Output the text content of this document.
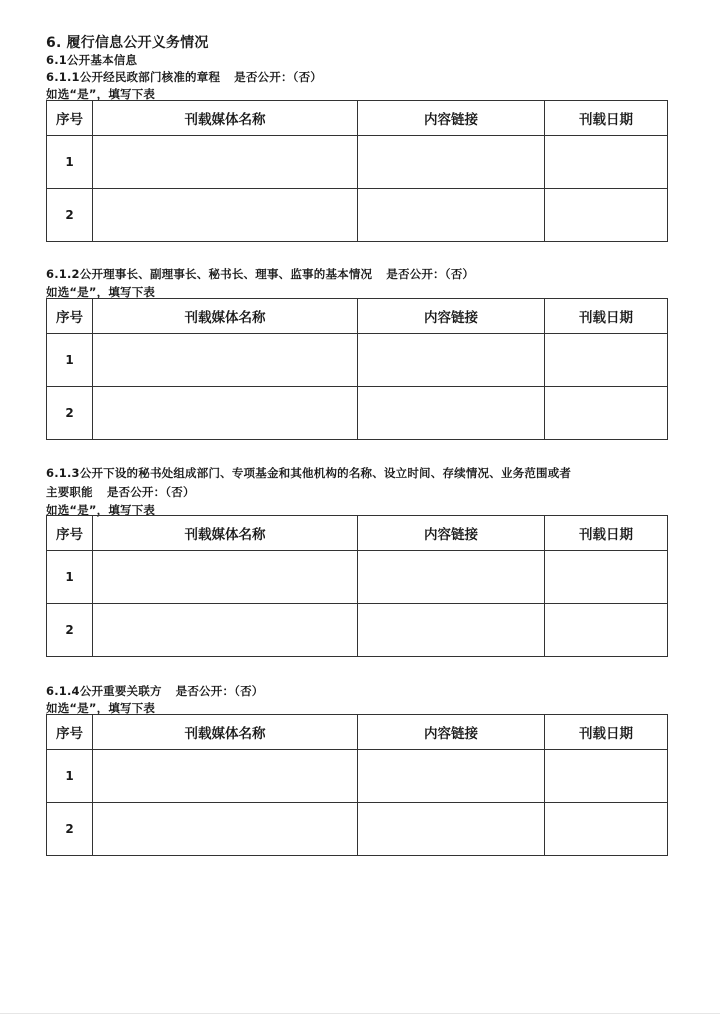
6. 履行信息公开义务情况
6.1公开基本信息
6.1.1公开经民政部门核准的章程 是否公开：（否）
如选“是”，填写下表
序号	刊载媒体名称	内容链接	刊载日期
1			
2			
6.1.2公开理事长、副理事长、秘书长、理事、监事的基本情况 是否公开：（否）
如选“是”，填写下表
序号	刊载媒体名称	内容链接	刊载日期
1			
2			
6.1.3公开下设的秘书处组成部门、专项基金和其他机构的名称、设立时间、存续情况、业务范围或者
主要职能 是否公开：（否）
如选“是”，填写下表
序号	刊载媒体名称	内容链接	刊载日期
1			
2			
6.1.4公开重要关联方 是否公开：（否）
如选“是”，填写下表
序号	刊载媒体名称	内容链接	刊载日期
1			
2			
